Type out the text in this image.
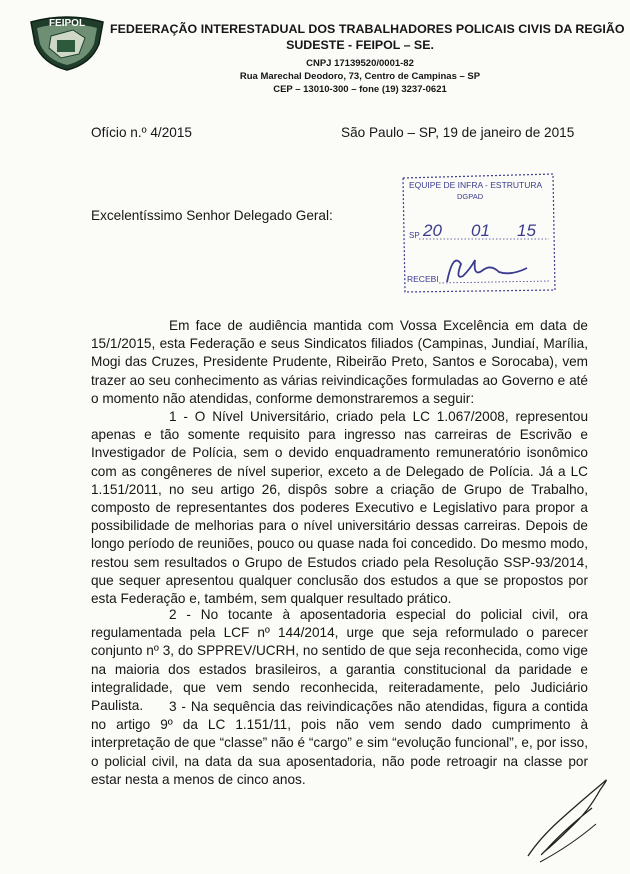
FEIPOL FEDEERAÇÃO INTERESTADUAL DOS TRABALHADORES POLICAIS CIVIS DA REGIÃO
SUDESTE - FEIPOL – SE.
CNPJ 17139520/0001-82
Rua Marechal Deodoro, 73, Centro de Campinas – SP
CEP – 13010-300 – fone (19) 3237-0621
Ofício n.º 4/2015	São Paulo – SP, 19 de janeiro de 2015
Excelentíssimo Senhor Delegado Geral:
EQUIPE DE INFRA - ESTRUTURA
DGPAD
SP 20 01 15
RECEBI

Em face de audiência mantida com Vossa Excelência em data de 15/1/2015, esta Federação e seus Sindicatos filiados (Campinas, Jundiaí, Marília, Mogi das Cruzes, Presidente Prudente, Ribeirão Preto, Santos e Sorocaba), vem trazer ao seu conhecimento as várias reivindicações formuladas ao Governo e até o momento não atendidas, conforme demonstraremos a seguir:

1 - O Nível Universitário, criado pela LC 1.067/2008, representou apenas e tão somente requisito para ingresso nas carreiras de Escrivão e Investigador de Polícia, sem o devido enquadramento remuneratório isonômico com as congêneres de nível superior, exceto a de Delegado de Polícia. Já a LC 1.151/2011, no seu artigo 26, dispôs sobre a criação de Grupo de Trabalho, composto de representantes dos poderes Executivo e Legislativo para propor a possibilidade de melhorias para o nível universitário dessas carreiras. Depois de longo período de reuniões, pouco ou quase nada foi concedido. Do mesmo modo, restou sem resultados o Grupo de Estudos criado pela Resolução SSP-93/2014, que sequer apresentou qualquer conclusão dos estudos a que se propostos por esta Federação e, também, sem qualquer resultado prático.

2 - No tocante à aposentadoria especial do policial civil, ora regulamentada pela LCF nº 144/2014, urge que seja reformulado o parecer conjunto nº 3, do SPPREV/UCRH, no sentido de que seja reconhecida, como vige na maioria dos estados brasileiros, a garantia constitucional da paridade e integralidade, que vem sendo reconhecida, reiteradamente, pelo Judiciário Paulista.	3 - Na sequência das reivindicações não atendidas, figura a contida no artigo 9º da LC 1.151/11, pois não vem sendo dado cumprimento à interpretação de que “classe” não é “cargo” e sim “evolução funcional”, e, por isso, o policial civil, na data da sua aposentadoria, não pode retroagir na classe por estar nesta a menos de cinco anos.
